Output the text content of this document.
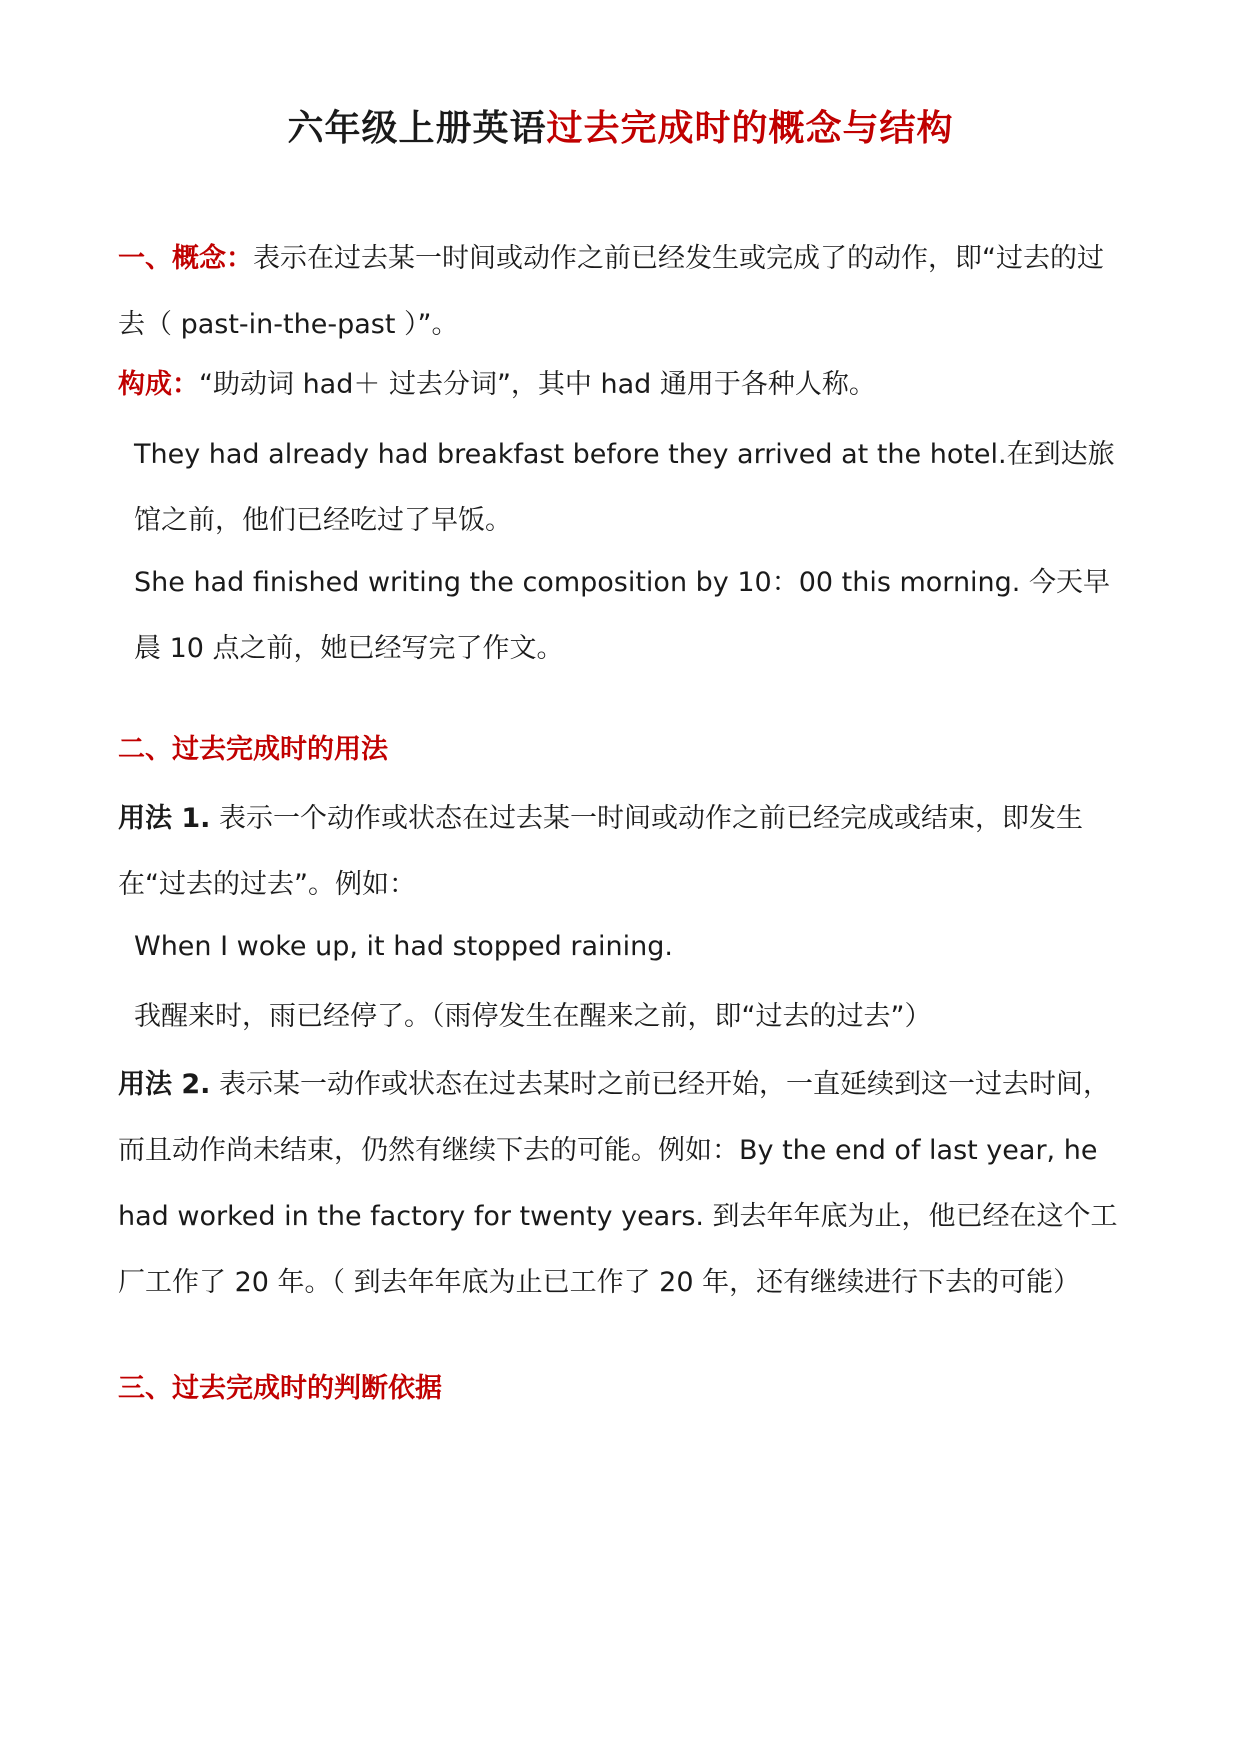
六年级上册英语过去完成时的概念与结构

一、概念：表示在过去某一时间或动作之前已经发生或完成了的动作，即“过去的过去（ past-in-the-past ）”。

构成：“助动词 had＋ 过去分词”，其中 had 通用于各种人称。

They had already had breakfast before they arrived at the hotel.在到达旅馆之前，他们已经吃过了早饭。

She had finished writing the composition by 10：00 this morning. 今天早晨 10 点之前，她已经写完了作文。

二、过去完成时的用法

用法 1. 表示一个动作或状态在过去某一时间或动作之前已经完成或结束，即发生在“过去的过去”。例如：

When I woke up, it had stopped raining.

我醒来时，雨已经停了。（雨停发生在醒来之前，即“过去的过去”）

用法 2. 表示某一动作或状态在过去某时之前已经开始，一直延续到这一过去时间，而且动作尚未结束，仍然有继续下去的可能。例如：By the end of last year, he had worked in the factory for twenty years. 到去年年底为止，他已经在这个工厂工作了 20 年。（ 到去年年底为止已工作了 20 年，还有继续进行下去的可能）

三、过去完成时的判断依据
